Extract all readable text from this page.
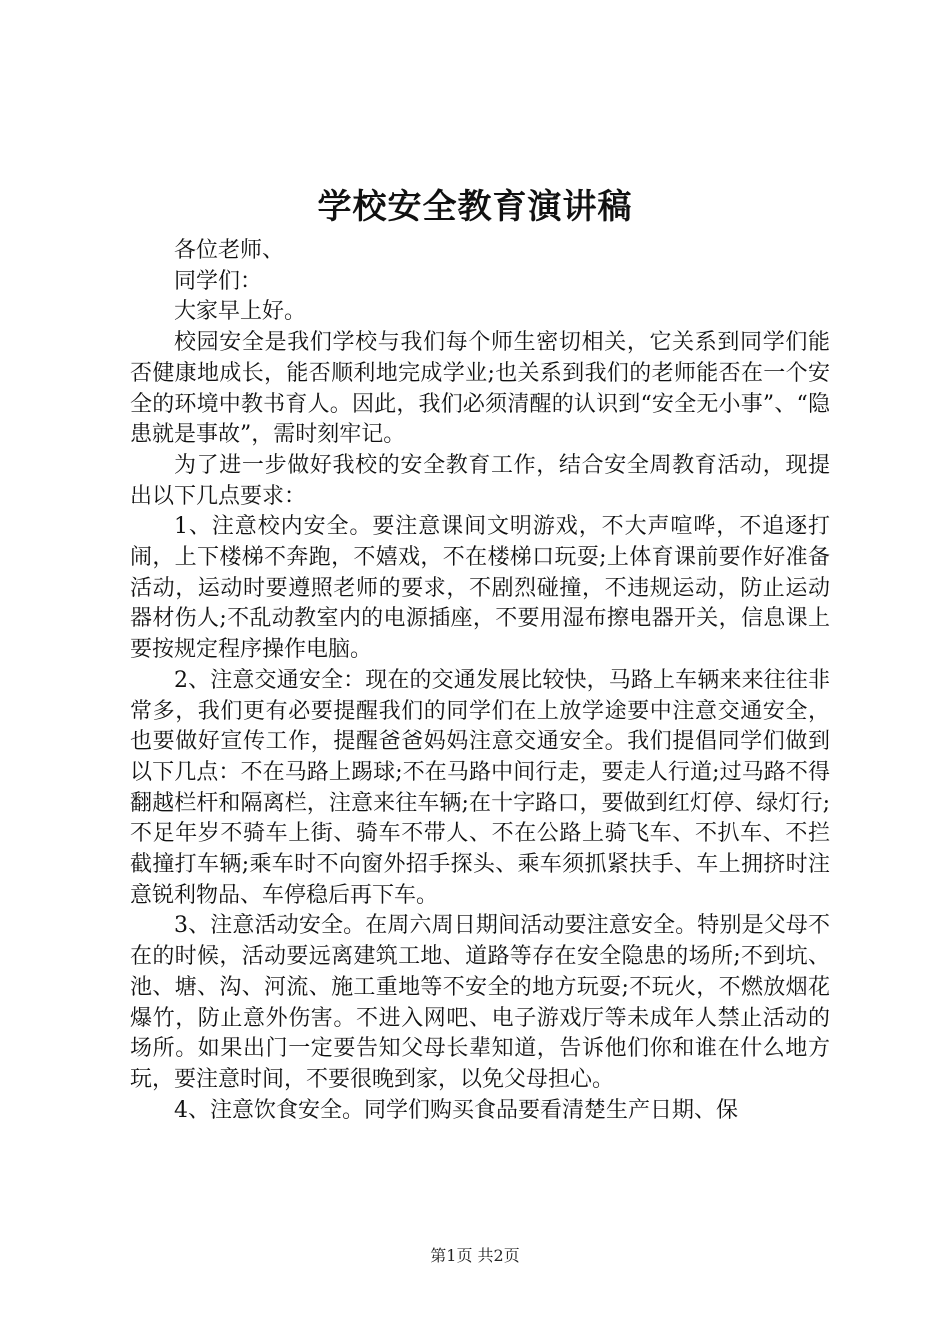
学校安全教育演讲稿

各位老师、

同学们：

大家早上好。

校园安全是我们学校与我们每个师生密切相关，它关系到同学们能否健康地成长，能否顺利地完成学业;也关系到我们的老师能否在一个安全的环境中教书育人。因此，我们必须清醒的认识到“安全无小事”、“隐患就是事故”，需时刻牢记。

为了进一步做好我校的安全教育工作，结合安全周教育活动，现提出以下几点要求：

1、注意校内安全。要注意课间文明游戏，不大声喧哗，不追逐打闹，上下楼梯不奔跑，不嬉戏，不在楼梯口玩耍;上体育课前要作好准备活动，运动时要遵照老师的要求，不剧烈碰撞，不违规运动，防止运动器材伤人;不乱动教室内的电源插座，不要用湿布擦电器开关，信息课上要按规定程序操作电脑。

2、注意交通安全：现在的交通发展比较快，马路上车辆来来往往非常多，我们更有必要提醒我们的同学们在上放学途要中注意交通安全，也要做好宣传工作，提醒爸爸妈妈注意交通安全。我们提倡同学们做到以下几点：不在马路上踢球;不在马路中间行走，要走人行道;过马路不得翻越栏杆和隔离栏，注意来往车辆;在十字路口，要做到红灯停、绿灯行;不足年岁不骑车上街、骑车不带人、不在公路上骑飞车、不扒车、不拦截撞打车辆;乘车时不向窗外招手探头、乘车须抓紧扶手、车上拥挤时注意锐利物品、车停稳后再下车。

3、注意活动安全。在周六周日期间活动要注意安全。特别是父母不在的时候，活动要远离建筑工地、道路等存在安全隐患的场所;不到坑、池、塘、沟、河流、施工重地等不安全的地方玩耍;不玩火，不燃放烟花爆竹，防止意外伤害。不进入网吧、电子游戏厅等未成年人禁止活动的场所。如果出门一定要告知父母长辈知道，告诉他们你和谁在什么地方玩，要注意时间，不要很晚到家，以免父母担心。

4、注意饮食安全。同学们购买食品要看清楚生产日期、保

第1页 共2页
